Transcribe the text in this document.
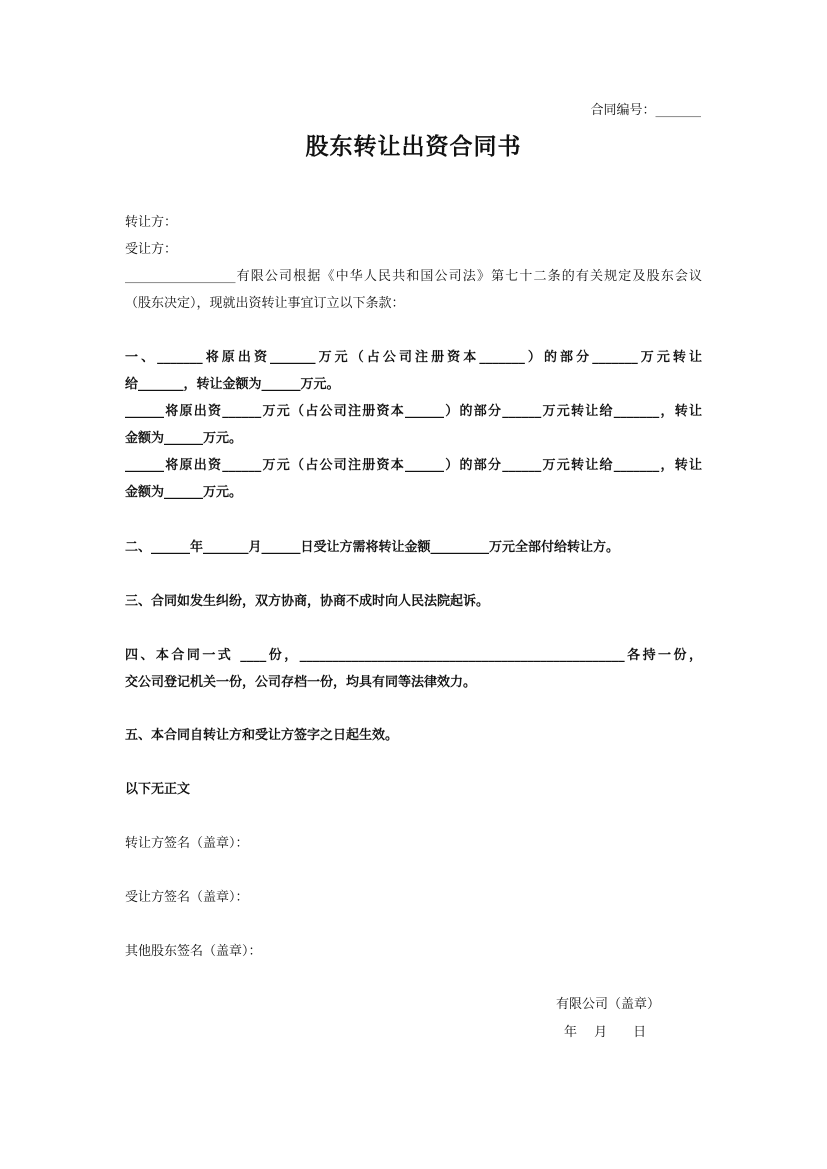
合同编号：_______
股东转让出资合同书
转让方：
受让方：
_________________有限公司根据《中华人民共和国公司法》第七十二条的有关规定及股东会议
（股东决定），现就出资转让事宜订立以下条款：
一、_______将原出资_______万元（占公司注册资本_______）的部分_______万元转让
给_______，转让金额为______万元。
______将原出资______万元（占公司注册资本______）的部分______万元转让给_______，转让
金额为______万元。
______将原出资______万元（占公司注册资本______）的部分______万元转让给_______，转让
金额为______万元。
二、______年_______月______日受让方需将转让金额_________万元全部付给转让方。
三、合同如发生纠纷，双方协商，协商不成时向人民法院起诉。
四、本合同一式 ____份，__________________________________________________各持一份，
交公司登记机关一份，公司存档一份，均具有同等法律效力。
五、本合同自转让方和受让方签字之日起生效。
以下无正文
转让方签名（盖章）：
受让方签名（盖章）：
其他股东签名（盖章）：
有限公司（盖章）
年　 月　　日
